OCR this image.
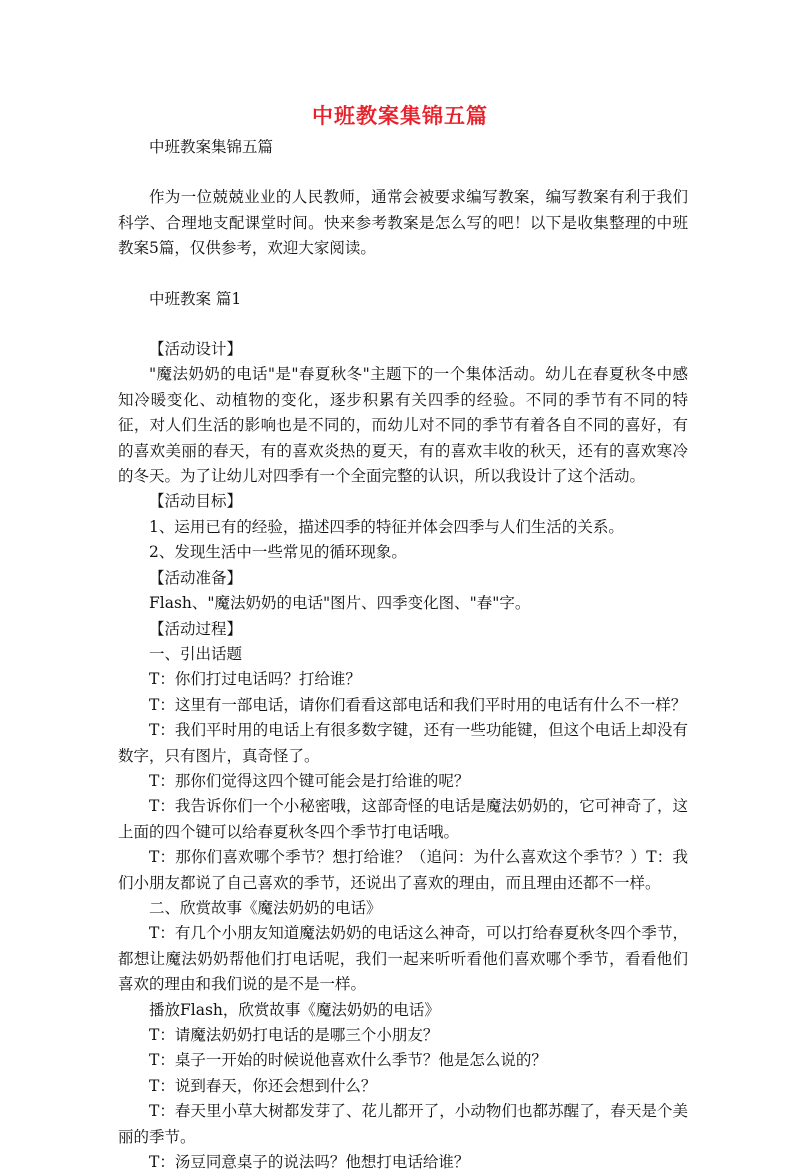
中班教案集锦五篇

中班教案集锦五篇

作为一位兢兢业业的人民教师，通常会被要求编写教案，编写教案有利于我们科学、合理地支配课堂时间。快来参考教案是怎么写的吧！以下是收集整理的中班教案5篇，仅供参考，欢迎大家阅读。

中班教案 篇1

【活动设计】

"魔法奶奶的电话"是"春夏秋冬"主题下的一个集体活动。幼儿在春夏秋冬中感知冷暖变化、动植物的变化，逐步积累有关四季的经验。不同的季节有不同的特征，对人们生活的影响也是不同的，而幼儿对不同的季节有着各自不同的喜好，有的喜欢美丽的春天，有的喜欢炎热的夏天，有的喜欢丰收的秋天，还有的喜欢寒冷的冬天。为了让幼儿对四季有一个全面完整的认识，所以我设计了这个活动。

【活动目标】

1、运用已有的经验，描述四季的特征并体会四季与人们生活的关系。

2、发现生活中一些常见的循环现象。

【活动准备】

Flash、"魔法奶奶的电话"图片、四季变化图、"春"字。

【活动过程】

一、引出话题

T：你们打过电话吗？打给谁？

T：这里有一部电话，请你们看看这部电话和我们平时用的电话有什么不一样？

T：我们平时用的电话上有很多数字键，还有一些功能键，但这个电话上却没有数字，只有图片，真奇怪了。

T：那你们觉得这四个键可能会是打给谁的呢？

T：我告诉你们一个小秘密哦，这部奇怪的电话是魔法奶奶的，它可神奇了，这上面的四个键可以给春夏秋冬四个季节打电话哦。

T：那你们喜欢哪个季节？想打给谁？（追问：为什么喜欢这个季节？）T：我们小朋友都说了自己喜欢的季节，还说出了喜欢的理由，而且理由还都不一样。

二、欣赏故事《魔法奶奶的电话》

T：有几个小朋友知道魔法奶奶的电话这么神奇，可以打给春夏秋冬四个季节，都想让魔法奶奶帮他们打电话呢，我们一起来听听看他们喜欢哪个季节，看看他们喜欢的理由和我们说的是不是一样。

播放Flash，欣赏故事《魔法奶奶的电话》

T：请魔法奶奶打电话的是哪三个小朋友？

T：桌子一开始的时候说他喜欢什么季节？他是怎么说的？

T：说到春天，你还会想到什么？

T：春天里小草大树都发芽了、花儿都开了，小动物们也都苏醒了，春天是个美丽的季节。

T：汤豆同意桌子的说法吗？他想打电话给谁？
